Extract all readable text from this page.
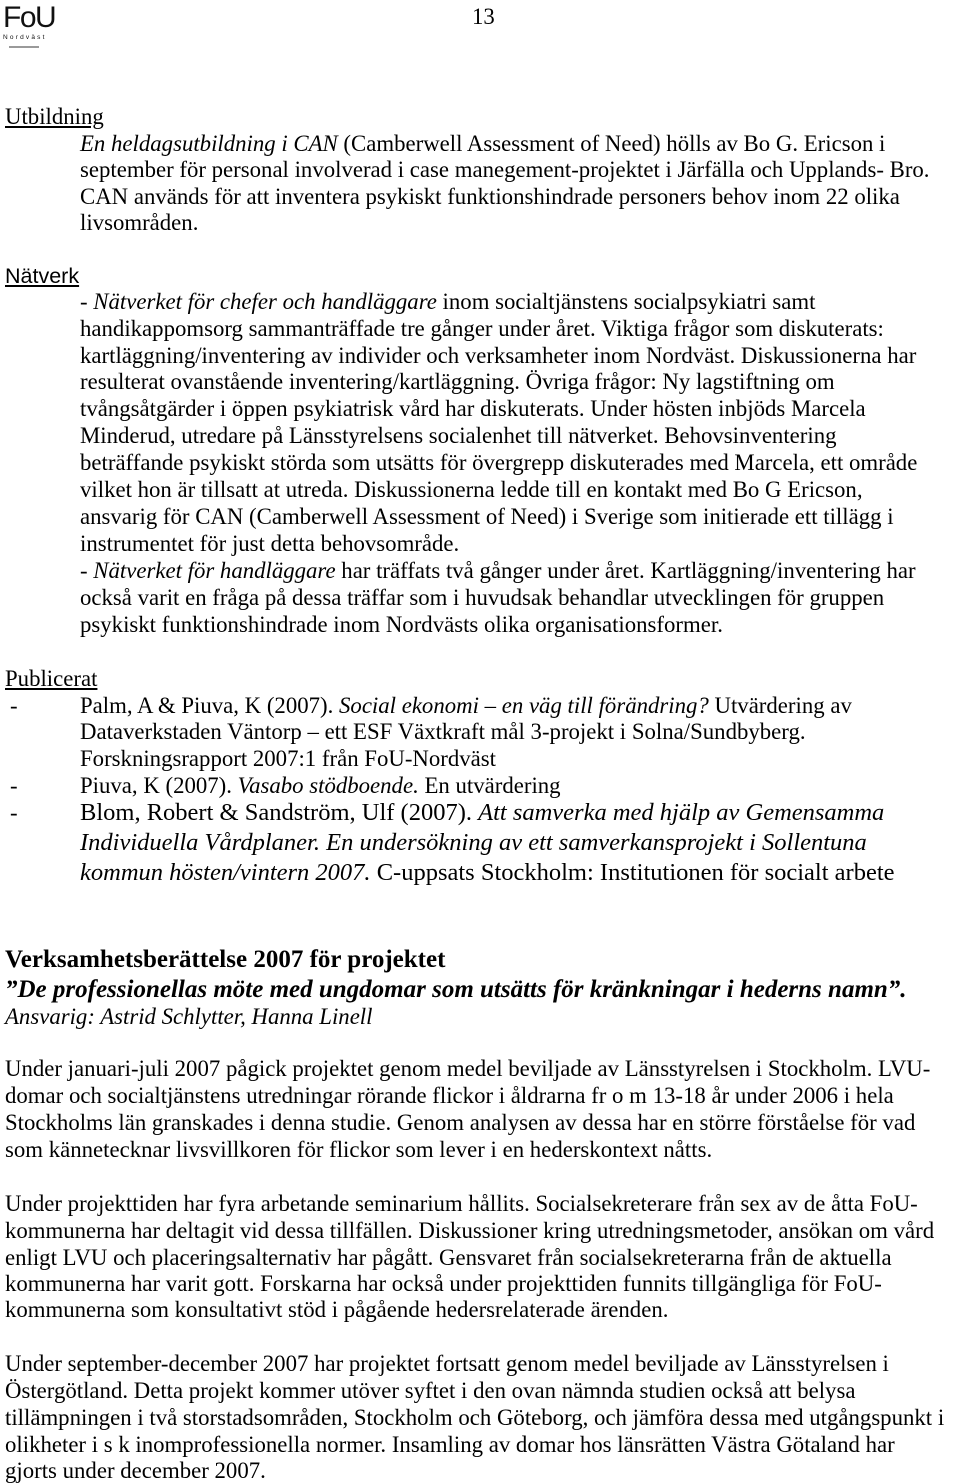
FoU
Nordväst
13
Utbildning
En heldagsutbildning i CAN (Camberwell Assessment of Need) hölls av Bo G. Ericson i
september för personal involverad i case manegement-projektet i Järfälla och Upplands- Bro.
CAN används för att inventera psykiskt funktionshindrade personers behov inom 22 olika
livsområden.
Nätverk
- Nätverket för chefer och handläggare inom socialtjänstens socialpsykiatri samt
handikappomsorg sammanträffade tre gånger under året. Viktiga frågor som diskuterats:
kartläggning/inventering av individer och verksamheter inom Nordväst. Diskussionerna har
resulterat ovanstående inventering/kartläggning. Övriga frågor: Ny lagstiftning om
tvångsåtgärder i öppen psykiatrisk vård har diskuterats. Under hösten inbjöds Marcela
Minderud, utredare på Länsstyrelsens socialenhet till nätverket. Behovsinventering
beträffande psykiskt störda som utsätts för övergrepp diskuterades med Marcela, ett område
vilket hon är tillsatt at utreda. Diskussionerna ledde till en kontakt med Bo G Ericson,
ansvarig för CAN (Camberwell Assessment of Need) i Sverige som initierade ett tillägg i
instrumentet för just detta behovsområde.
- Nätverket för handläggare har träffats två gånger under året. Kartläggning/inventering har
också varit en fråga på dessa träffar som i huvudsak behandlar utvecklingen för gruppen
psykiskt funktionshindrade inom Nordvästs olika organisationsformer.
Publicerat
-	Palm, A & Piuva, K (2007). Social ekonomi – en väg till förändring? Utvärdering av
Dataverkstaden Väntorp – ett ESF Växtkraft mål 3-projekt i Solna/Sundbyberg.
Forskningsrapport 2007:1 från FoU-Nordväst
-	Piuva, K (2007). Vasabo stödboende. En utvärdering
-	Blom, Robert & Sandström, Ulf (2007). Att samverka med hjälp av Gemensamma
Individuella Vårdplaner. En undersökning av ett samverkansprojekt i Sollentuna
kommun hösten/vintern 2007. C-uppsats Stockholm: Institutionen för socialt arbete
Verksamhetsberättelse 2007 för projektet
”De professionellas möte med ungdomar som utsätts för kränkningar i hederns namn”.
Ansvarig: Astrid Schlytter, Hanna Linell
Under januari-juli 2007 pågick projektet genom medel beviljade av Länsstyrelsen i Stockholm. LVU-
domar och socialtjänstens utredningar rörande flickor i åldrarna fr o m 13-18 år under 2006 i hela
Stockholms län granskades i denna studie. Genom analysen av dessa har en större förståelse för vad
som kännetecknar livsvillkoren för flickor som lever i en hederskontext nåtts.
Under projekttiden har fyra arbetande seminarium hållits. Socialsekreterare från sex av de åtta FoU-
kommunerna har deltagit vid dessa tillfällen. Diskussioner kring utredningsmetoder, ansökan om vård
enligt LVU och placeringsalternativ har pågått. Gensvaret från socialsekreterarna från de aktuella
kommunerna har varit gott. Forskarna har också under projekttiden funnits tillgängliga för FoU-
kommunerna som konsultativt stöd i pågående hedersrelaterade ärenden.
Under september-december 2007 har projektet fortsatt genom medel beviljade av Länsstyrelsen i
Östergötland. Detta projekt kommer utöver syftet i den ovan nämnda studien också att belysa
tillämpningen i två storstadsområden, Stockholm och Göteborg, och jämföra dessa med utgångspunkt i
olikheter i s k inomprofessionella normer. Insamling av domar hos länsrätten Västra Götaland har
gjorts under december 2007.
